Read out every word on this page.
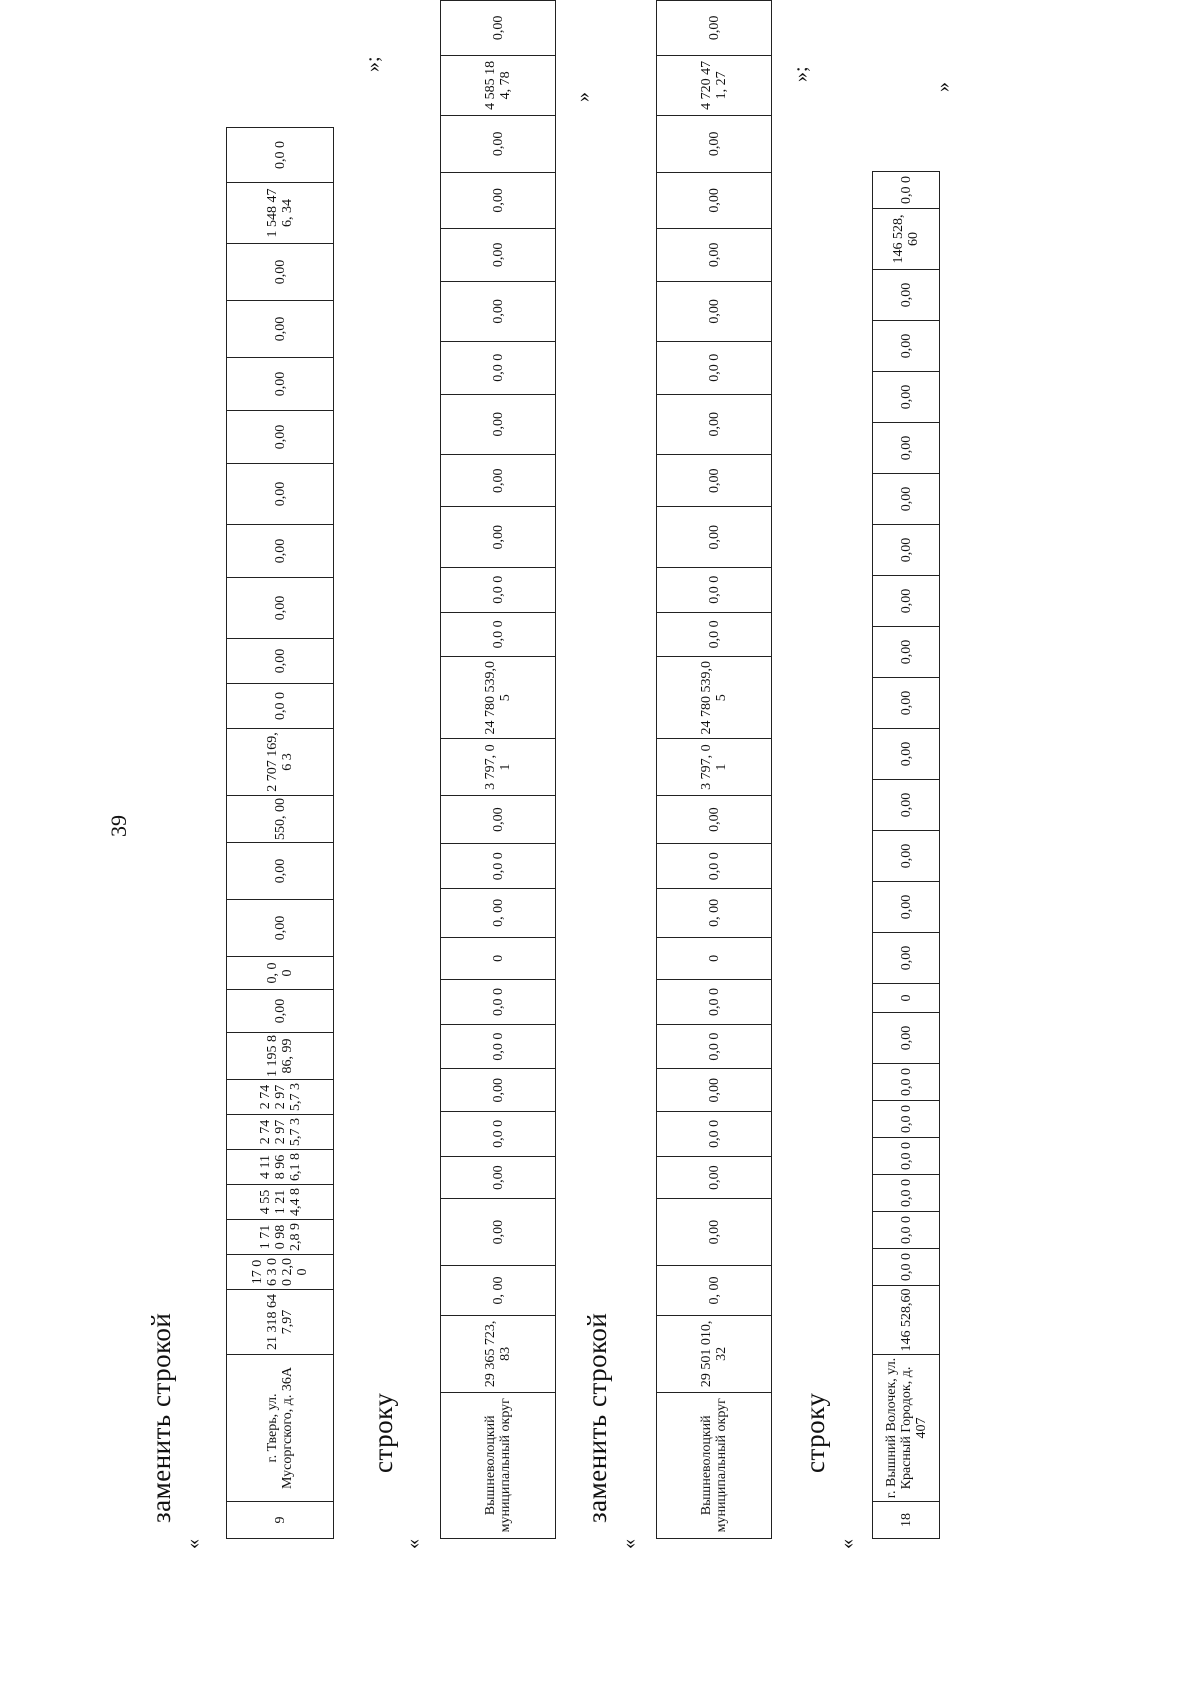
39
заменить строкой
«
9	г. Тверь, ул. Мусоргского, д. 36А	21 318 647,97	17 06 3 00 2,0 0	1 71 0 98 2,8 9	4 55 1 21 4,4 8	4 11 8 96 6,1 8	2 74 2 97 5,7 3	2 74 2 97 5,7 3	1 195 886, 99	0,00	0, 0 0	0,00	0,00	550, 00	2 707 169,6 3	0,0 0	0,00	0,00	0,00	0,00	0,00	0,00	0,00	0,00	1 548 476, 34	0,0 0
»;
строку
«
Вышневолоцкий муниципальный округ	29 365 723,83	0, 00	0,00	0,00	0,0 0	0,00	0,0 0	0,0 0	0	0, 00	0,0 0	0,00	3 797, 01	24 780 539,05	0,0 0	0,0 0	0,00	0,00	0,00	0,0 0	0,00	0,00	0,00	0,00	4 585 184, 78	0,00
»
заменить строкой
«
Вышневолоцкий муниципальный округ	29 501 010,32	0, 00	0,00	0,00	0,0 0	0,00	0,0 0	0,0 0	0	0, 00	0,0 0	0,00	3 797, 01	24 780 539,05	0,0 0	0,0 0	0,00	0,00	0,00	0,0 0	0,00	0,00	0,00	0,00	4 720 471, 27	0,00
»;
строку
«
18	г. Вышний Волочек, ул. Красный Городок, д. 407	146 528,60	0,0 0	0,0 0	0,0 0	0,0 0	0,0 0	0,0 0	0,00	0	0,00	0,00	0,00	0,00	0,00	0,00	0,00	0,00	0,00	0,00	0,00	0,00	0,00	0,00	146 528, 60	0,0 0
»
